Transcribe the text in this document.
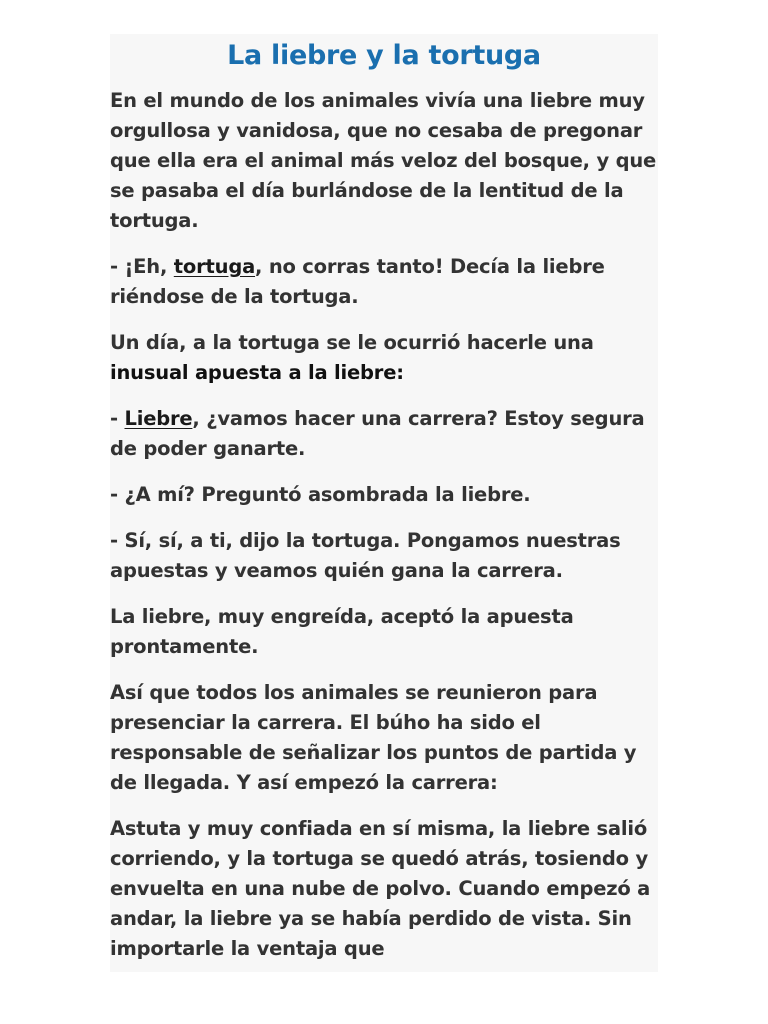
La liebre y la tortuga

En el mundo de los animales vivía una liebre muy orgullosa y vanidosa, que no cesaba de pregonar que ella era el animal más veloz del bosque, y que se pasaba el día burlándose de la lentitud de la tortuga.

- ¡Eh, tortuga, no corras tanto! Decía la liebre riéndose de la tortuga.

Un día, a la tortuga se le ocurrió hacerle una inusual apuesta a la liebre:

- Liebre, ¿vamos hacer una carrera? Estoy segura de poder ganarte.

- ¿A mí? Preguntó asombrada la liebre.

- Sí, sí, a ti, dijo la tortuga. Pongamos nuestras apuestas y veamos quién gana la carrera.

La liebre, muy engreída, aceptó la apuesta prontamente.

Así que todos los animales se reunieron para presenciar la carrera. El búho ha sido el responsable de señalizar los puntos de partida y de llegada. Y así empezó la carrera:

Astuta y muy confiada en sí misma, la liebre salió corriendo, y la tortuga se quedó atrás, tosiendo y envuelta en una nube de polvo. Cuando empezó a andar, la liebre ya se había perdido de vista. Sin importarle la ventaja que
